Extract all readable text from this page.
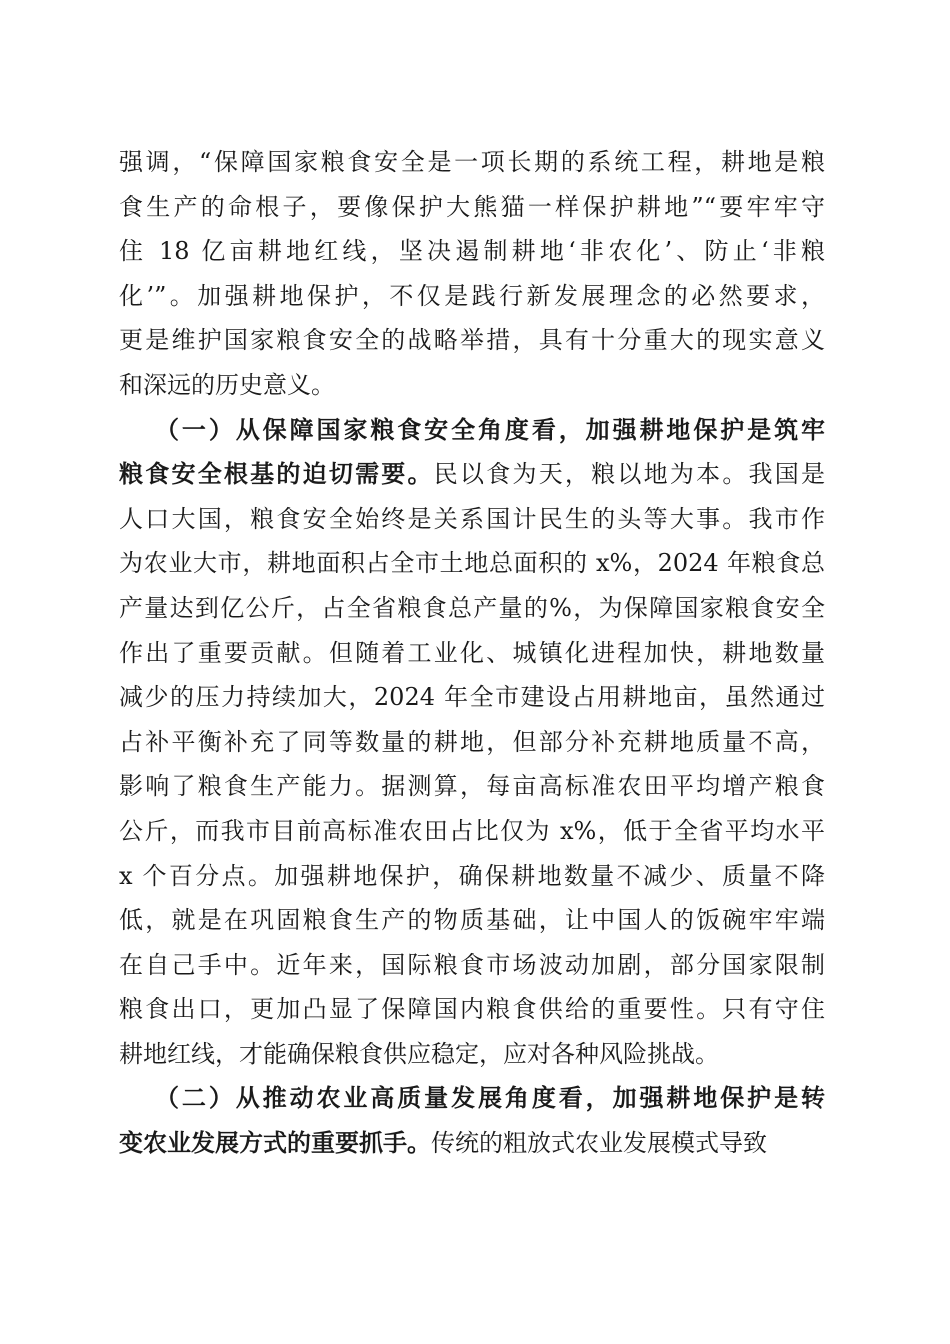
强调，“保障国家粮食安全是一项长期的系统工程，耕地是粮
食生产的命根子，要像保护大熊猫一样保护耕地”“要牢牢守
住 18 亿亩耕地红线，坚决遏制耕地‘非农化’、防止‘非粮
化’”。加强耕地保护，不仅是践行新发展理念的必然要求，
更是维护国家粮食安全的战略举措，具有十分重大的现实意义
和深远的历史意义。
（一）从保障国家粮食安全角度看，加强耕地保护是筑牢
粮食安全根基的迫切需要。民以食为天，粮以地为本。我国是
人口大国，粮食安全始终是关系国计民生的头等大事。我市作
为农业大市，耕地面积占全市土地总面积的 x%，2024 年粮食总
产量达到亿公斤，占全省粮食总产量的%，为保障国家粮食安全
作出了重要贡献。但随着工业化、城镇化进程加快，耕地数量
减少的压力持续加大，2024 年全市建设占用耕地亩，虽然通过
占补平衡补充了同等数量的耕地，但部分补充耕地质量不高，
影响了粮食生产能力。据测算，每亩高标准农田平均增产粮食
公斤，而我市目前高标准农田占比仅为 x%，低于全省平均水平
x 个百分点。加强耕地保护，确保耕地数量不减少、质量不降
低，就是在巩固粮食生产的物质基础，让中国人的饭碗牢牢端
在自己手中。近年来，国际粮食市场波动加剧，部分国家限制
粮食出口，更加凸显了保障国内粮食供给的重要性。只有守住
耕地红线，才能确保粮食供应稳定，应对各种风险挑战。
（二）从推动农业高质量发展角度看，加强耕地保护是转
变农业发展方式的重要抓手。传统的粗放式农业发展模式导致
